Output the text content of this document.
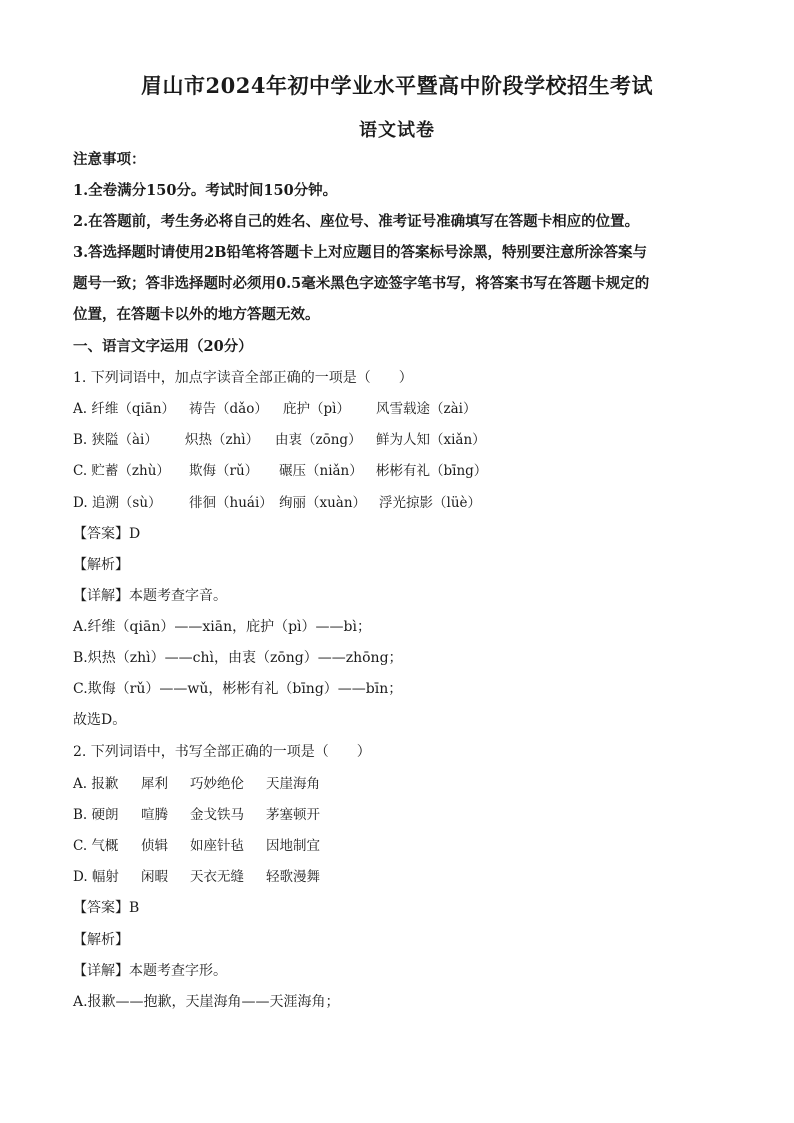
眉山市2024年初中学业水平暨高中阶段学校招生考试
语文试卷
注意事项：
1.全卷满分150分。考试时间150分钟。
2.在答题前，考生务必将自己的姓名、座位号、准考证号准确填写在答题卡相应的位置。
3.答选择题时请使用2B铅笔将答题卡上对应题目的答案标号涂黑，特别要注意所涂答案与
题号一致；答非选择题时必须用0.5毫米黑色字迹签字笔书写，将答案书写在答题卡规定的
位置，在答题卡以外的地方答题无效。
一、语言文字运用（20分）
1. 下列词语中，加点字读音全部正确的一项是（　　）
A. 纤维（qiān） 祷告（dǎo） 庇护（pì） 风雪载途（zài）
B. 狭隘（ài） 炽热（zhì） 由衷（zōng） 鲜为人知（xiǎn）
C. 贮蓄（zhù） 欺侮（rǔ） 碾压（niǎn） 彬彬有礼（bīng）
D. 追溯（sù） 徘徊（huái） 绚丽（xuàn） 浮光掠影（lüè）
【答案】D
【解析】
【详解】本题考查字音。
A.纤维（qiān）——xiān，庇护（pì）——bì；
B.炽热（zhì）——chì，由衷（zōng）——zhōng；
C.欺侮（rǔ）——wǔ，彬彬有礼（bīng）——bīn；
故选D。
2. 下列词语中，书写全部正确的一项是（　　）
A. 报歉 犀利 巧妙绝伦 天崖海角
B. 硬朗 喧腾 金戈铁马 茅塞顿开
C. 气概 侦辑 如座针毡 因地制宜
D. 幅射 闲暇 天衣无缝 轻歌漫舞
【答案】B
【解析】
【详解】本题考查字形。
A.报歉——抱歉，天崖海角——天涯海角；
